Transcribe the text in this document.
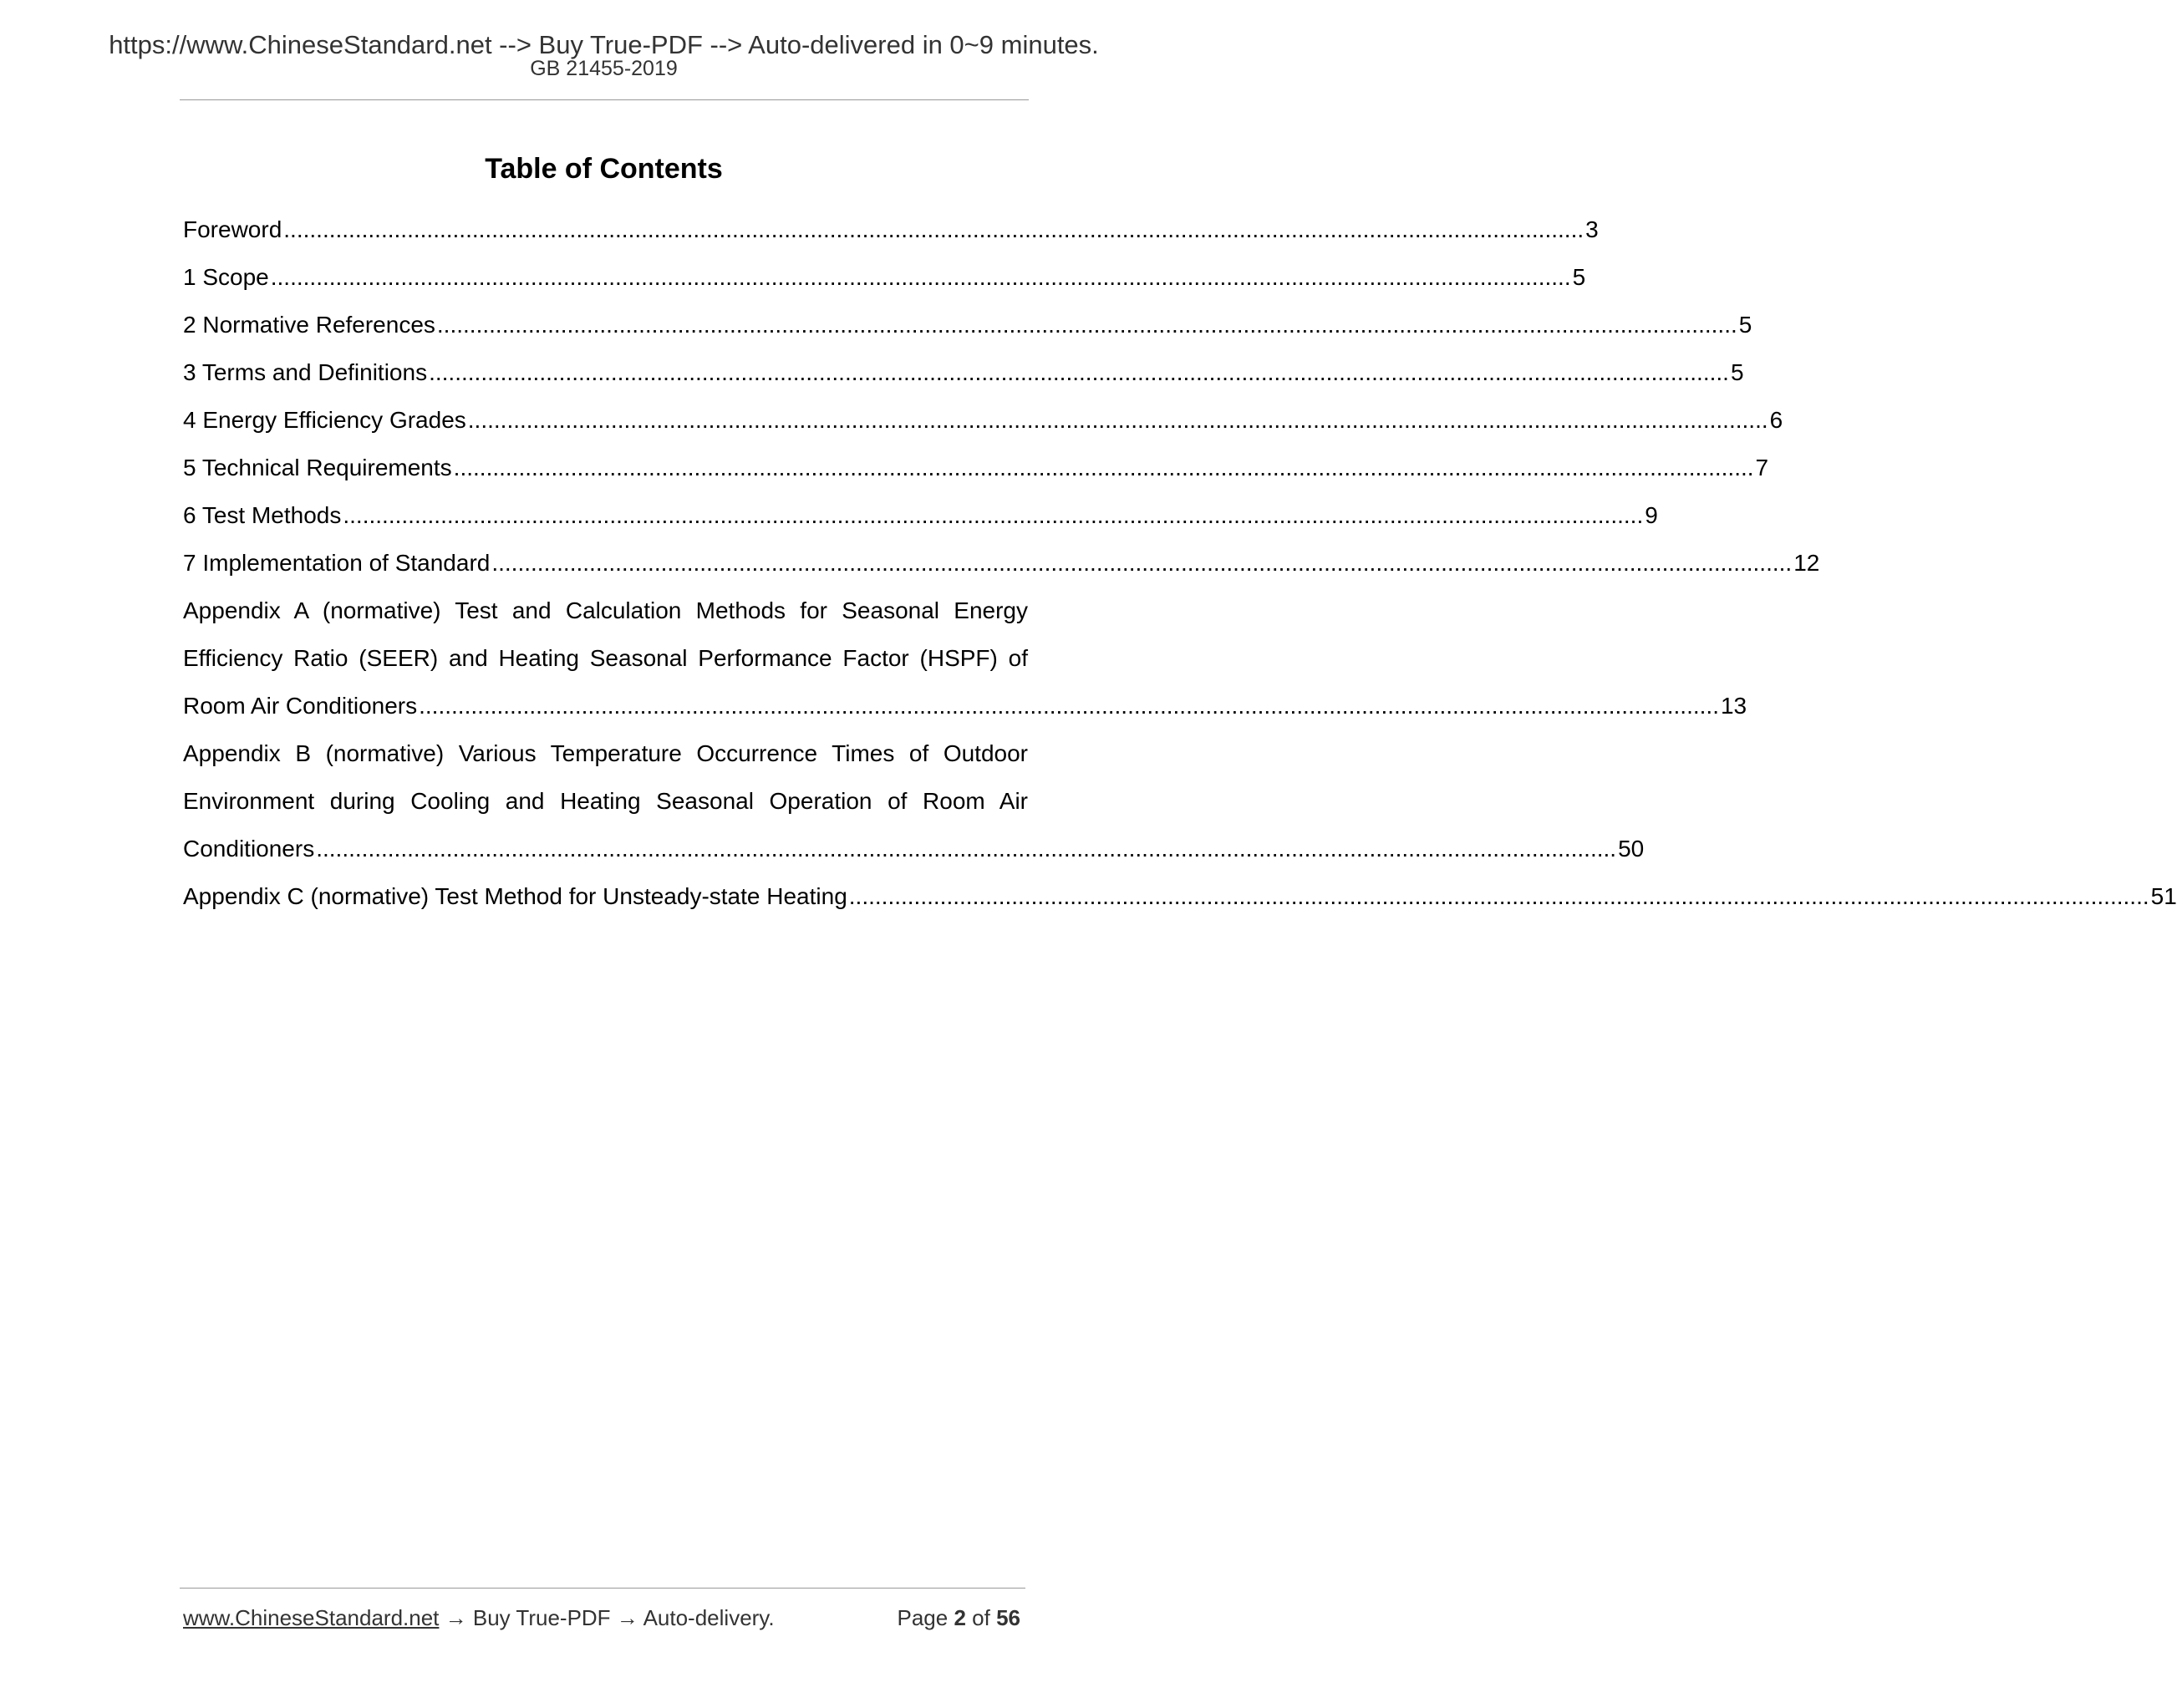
https://www.ChineseStandard.net --> Buy True-PDF --> Auto-delivered in 0~9 minutes.
GB 21455-2019
Table of Contents
Foreword ........................................................................................................................................................................................................ 3
1 Scope ........................................................................................................................................................................................................ 5
2 Normative References ........................................................................................................................................................................................................ 5
3 Terms and Definitions ........................................................................................................................................................................................................ 5
4 Energy Efficiency Grades ........................................................................................................................................................................................................ 6
5 Technical Requirements ........................................................................................................................................................................................................ 7
6 Test Methods ........................................................................................................................................................................................................ 9
7 Implementation of Standard ........................................................................................................................................................................................................ 12
Appendix A (normative) Test and Calculation Methods for Seasonal Energy
Efficiency Ratio (SEER) and Heating Seasonal Performance Factor (HSPF) of
Room Air Conditioners ........................................................................................................................................................................................................ 13
Appendix B (normative) Various Temperature Occurrence Times of Outdoor
Environment during Cooling and Heating Seasonal Operation of Room Air
Conditioners ........................................................................................................................................................................................................ 50
Appendix C (normative) Test Method for Unsteady-state Heating ........................................................................................................................................................................................................ 51
www.ChineseStandard.net → Buy True-PDF → Auto-delivery.	Page 2 of 56
